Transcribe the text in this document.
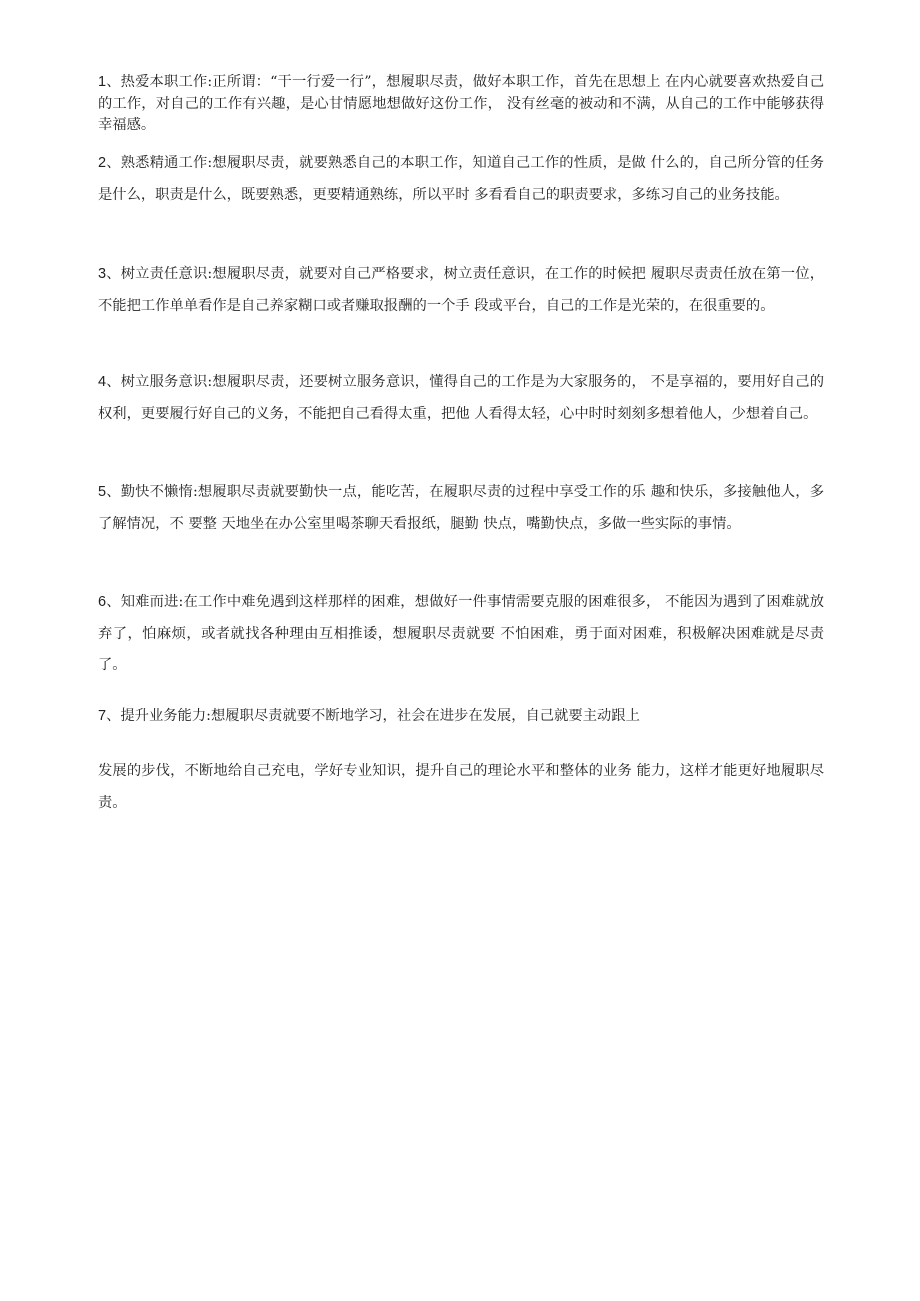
1、热爱本职工作:正所谓：“干一行爱一行”，想履职尽责，做好本职工作，首先在思想上 在内心就要喜欢热爱自己的工作，对自己的工作有兴趣，是心甘情愿地想做好这份工作， 没有丝毫的被动和不满，从自己的工作中能够获得幸福感。

2、熟悉精通工作:想履职尽责，就要熟悉自己的本职工作，知道自己工作的性质，是做 什么的，自己所分管的任务是什么，职责是什么，既要熟悉，更要精通熟练，所以平时 多看看自己的职责要求，多练习自己的业务技能。

3、树立责任意识:想履职尽责，就要对自己严格要求，树立责任意识，在工作的时候把 履职尽责责任放在第一位，不能把工作单单看作是自己养家糊口或者赚取报酬的一个手 段或平台，自己的工作是光荣的，在很重要的。

4、树立服务意识:想履职尽责，还要树立服务意识，懂得自己的工作是为大家服务的， 不是享福的，要用好自己的权利，更要履行好自己的义务，不能把自己看得太重，把他 人看得太轻，心中时时刻刻多想着他人，少想着自己。

5、勤快不懒惰:想履职尽责就要勤快一点，能吃苦，在履职尽责的过程中享受工作的乐 趣和快乐，多接触他人，多了解情况，不 要整 天地坐在办公室里喝茶聊天看报纸，腿勤 快点，嘴勤快点，多做一些实际的事情。

6、知难而进:在工作中难免遇到这样那样的困难，想做好一件事情需要克服的困难很多， 不能因为遇到了困难就放弃了，怕麻烦，或者就找各种理由互相推诿，想履职尽责就要 不怕困难，勇于面对困难，积极解决困难就是尽责了。

7、提升业务能力:想履职尽责就要不断地学习，社会在进步在发展，自己就要主动跟上

发展的步伐，不断地给自己充电，学好专业知识，提升自己的理论水平和整体的业务 能力，这样才能更好地履职尽责。
